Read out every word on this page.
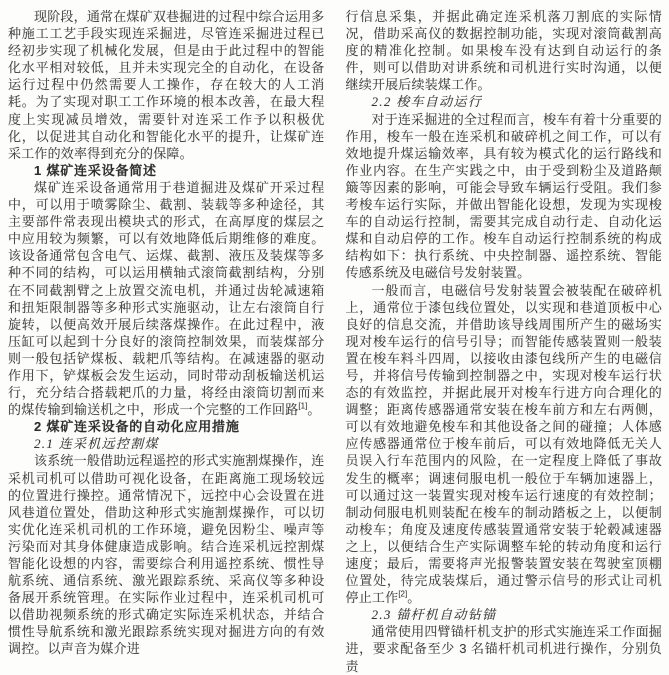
现阶段，通常在煤矿双巷掘进的过程中综合运用多种施工工艺手段实现连采掘进，尽管连采掘进过程已经初步实现了机械化发展，但是由于此过程中的智能化水平相对较低，且并未实现完全的自动化，在设备运行过程中仍然需要人工操作，存在较大的人工消耗。为了实现对职工工作环境的根本改善，在最大程度上实现减员增效，需要针对连采工作予以积极优化，以促进其自动化和智能化水平的提升，让煤矿连采工作的效率得到充分的保障。

1 煤矿连采设备简述

煤矿连采设备通常用于巷道掘进及煤矿开采过程中，可以用于喷雾除尘、截割、装载等多种途径，其主要部件常表现出模块式的形式，在高厚度的煤层之中应用较为频繁，可以有效地降低后期维修的难度。该设备通常包含电气、运煤、截割、液压及装煤等多种不同的结构，可以运用横轴式滚筒截割结构，分别在不同截割臂之上放置交流电机，并通过齿轮减速箱和扭矩限制器等多种形式实施驱动，让左右滚筒自行旋转，以便高效开展后续落煤操作。在此过程中，液压缸可以起到十分良好的滚筒控制效果，而装煤部分则一般包括铲煤板、载耙爪等结构。在减速器的驱动作用下，铲煤板会发生运动，同时带动刮板输送机运行，充分结合搭载耙爪的力量，将经由滚筒切割而来的煤传输到输送机之中，形成一个完整的工作回路[1]。

2 煤矿连采设备的自动化应用措施

2.1 连采机远控割煤

该系统一般借助远程遥控的形式实施割煤操作，连采机司机可以借助可视化设备，在距离施工现场较远的位置进行操控。通常情况下，远控中心会设置在进风巷道位置处，借助这种形式实施割煤操作，可以切实优化连采机司机的工作环境，避免因粉尘、噪声等污染而对其身体健康造成影响。结合连采机远控割煤智能化设想的内容，需要综合利用遥控系统、惯性导航系统、通信系统、激光跟踪系统、采高仪等多种设备展开系统管理。在实际作业过程中，连采机司机可以借助视频系统的形式确定实际连采机状态，并结合惯性导航系统和激光跟踪系统实现对掘进方向的有效调控。以声音为媒介进

行信息采集，并据此确定连采机落刀割底的实际情况，借助采高仪的数据控制功能，实现对滚筒截割高度的精准化控制。如果梭车没有达到自动运行的条件，则可以借助对讲系统和司机进行实时沟通，以便继续开展后续装煤工作。

2.2 梭车自动运行

对于连采掘进的全过程而言，梭车有着十分重要的作用，梭车一般在连采机和破碎机之间工作，可以有效地提升煤运输效率，具有较为模式化的运行路线和作业内容。在生产实践之中，由于受到粉尘及道路颠簸等因素的影响，可能会导致车辆运行受阻。我们参考梭车运行实际，并做出智能化设想，发现为实现梭车的自动运行控制，需要其完成自动行走、自动化运煤和自动启停的工作。梭车自动运行控制系统的构成结构如下：执行系统、中央控制器、遥控系统、智能传感系统及电磁信号发射装置。

一般而言，电磁信号发射装置会被装配在破碎机上，通常位于漆包线位置处，以实现和巷道顶板中心良好的信息交流，并借助该导线周围所产生的磁场实现对梭车运行的信号引导；而智能传感装置则一般装置在梭车料斗四周，以接收由漆包线所产生的电磁信号，并将信号传输到控制器之中，实现对梭车运行状态的有效监控，并据此展开对梭车行进方向合理化的调整；距离传感器通常安装在梭车前方和左右两侧，可以有效地避免梭车和其他设备之间的碰撞；人体感应传感器通常位于梭车前后，可以有效地降低无关人员误入行车范围内的风险，在一定程度上降低了事故发生的概率；调速伺服电机一般位于车辆加速器上，可以通过这一装置实现对梭车运行速度的有效控制；制动伺服电机则装配在梭车的制动踏板之上，以便制动梭车；角度及速度传感装置通常安装于轮毂减速器之上，以便结合生产实际调整车轮的转动角度和运行速度；最后，需要将声光报警装置安装在驾驶室顶棚位置处，待完成装煤后，通过警示信号的形式让司机停止工作[2]。

2.3 锚杆机自动钻锚

通常使用四臂锚杆机支护的形式实施连采工作面掘进，要求配备至少 3 名锚杆机司机进行操作，分别负责
